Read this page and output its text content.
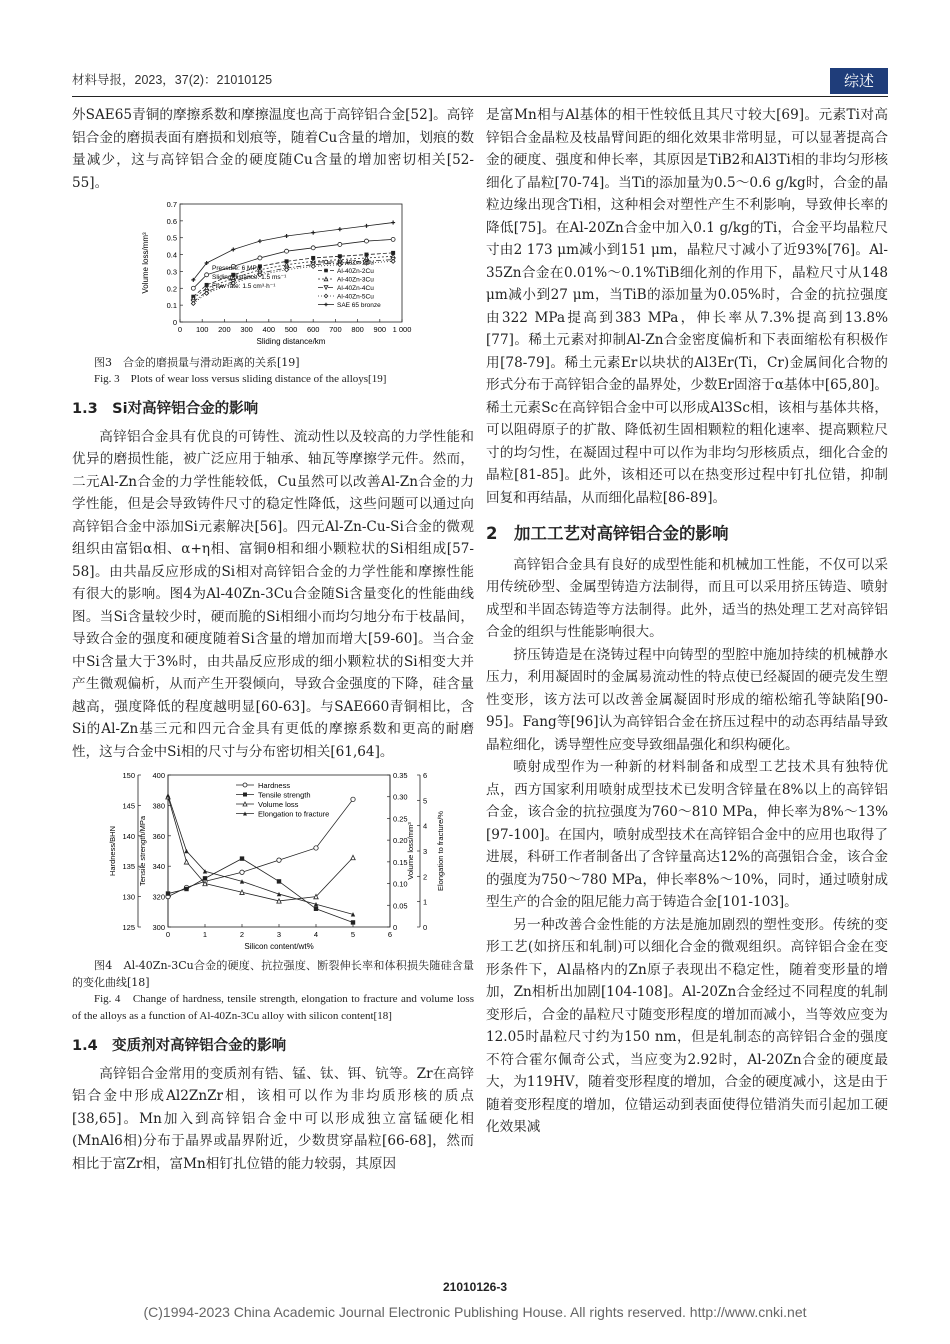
材料导报，2023，37(2)：21010125	综述

外SAE65青铜的摩擦系数和摩擦温度也高于高锌铝合金[52]。高锌铝合金的磨损表面有磨损和划痕等，随着Cu含量的增加，划痕的数量减少，这与高锌铝合金的硬度随Cu含量的增加密切相关[52-55]。

0
0.1
0.2
0.3
0.4
0.5
0.6
0.7
0 100 200 300 400 500 600 700 800 900 1 000
Sliding distance/km
Volume loss/mm³	Pressure: 6 MPa
Sliding distance: 1.5 ms⁻¹
Flow rate: 1.5 cm³·h⁻¹
Al-40Zn-1Cu
Al-40Zn-2Cu
Al-40Zn-3Cu
Al-40Zn-4Cu
Al-40Zn-5Cu
SAE 65 bronze

图3　合金的磨损量与滑动距离的关系[19]

Fig. 3　Plots of wear loss versus sliding distance of the alloys[19]

1.3　Si对高锌铝合金的影响

高锌铝合金具有优良的可铸性、流动性以及较高的力学性能和优异的磨损性能，被广泛应用于轴承、轴瓦等摩擦学元件。然而，二元Al-Zn合金的力学性能较低，Cu虽然可以改善Al-Zn合金的力学性能，但是会导致铸件尺寸的稳定性降低，这些问题可以通过向高锌铝合金中添加Si元素解决[56]。四元Al-Zn-Cu-Si合金的微观组织由富铝α相、α+η相、富铜θ相和细小颗粒状的Si相组成[57-58]。由共晶反应形成的Si相对高锌铝合金的力学性能和摩擦性能有很大的影响。图4为Al-40Zn-3Cu合金随Si含量变化的性能曲线图。当Si含量较少时，硬而脆的Si相细小而均匀地分布于枝晶间，导致合金的强度和硬度随着Si含量的增加而增大[59-60]。当合金中Si含量大于3%时，由共晶反应形成的细小颗粒状的Si相变大并产生微观偏析，从而产生开裂倾向，导致合金强度的下降，硅含量越高，强度降低的程度越明显[60-63]。与SAE660青铜相比，含Si的Al-Zn基三元和四元合金具有更低的摩擦系数和更高的耐磨性，这与合金中Si相的尺寸与分布密切相关[61,64]。

125
130
135
140
145
150
Hardness/BHN
300
320
340
360
380
400
Tensile strength/MPa
0
0.05
0.10
0.15
0.20
0.25
0.30
0.35
Volume loss/mm³
0
1
2
3
4
5
6
Elongation to fracture/%
0	1	2	3	4	5	6
Silicon content/wt%
Hardness
Tensile strength
Volume loss
Elongation to fracture

图4　Al-40Zn-3Cu合金的硬度、抗拉强度、断裂伸长率和体积损失随硅含量的变化曲线[18]

Fig. 4　Change of hardness, tensile strength, elongation to fracture and volume loss of the alloys as a function of Al-40Zn-3Cu alloy with silicon content[18]

1.4　变质剂对高锌铝合金的影响

高锌铝合金常用的变质剂有锆、锰、钛、铒、钪等。Zr在高锌铝合金中形成Al2ZnZr相，该相可以作为非均质形核的质点[38,65]。Mn加入到高锌铝合金中可以形成独立富锰硬化相(MnAl6相)分布于晶界或晶界附近，少数贯穿晶粒[66-68]，然而相比于富Zr相，富Mn相钉扎位错的能力较弱，其原因

是富Mn相与Al基体的相干性较低且其尺寸较大[69]。元素Ti对高锌铝合金晶粒及枝晶臂间距的细化效果非常明显，可以显著提高合金的硬度、强度和伸长率，其原因是TiB2和Al3Ti相的非均匀形核细化了晶粒[70-74]。当Ti的添加量为0.5～0.6 g/kg时，合金的晶粒边缘出现含Ti相，这种相会对塑性产生不利影响，导致伸长率的降低[75]。在Al-20Zn合金中加入0.1 g/kg的Ti，合金平均晶粒尺寸由2 173 μm减小到151 μm，晶粒尺寸减小了近93%[76]。Al-35Zn合金在0.01%～0.1%TiB细化剂的作用下，晶粒尺寸从148 μm减小到27 μm，当TiB的添加量为0.05%时，合金的抗拉强度由322 MPa提高到383 MPa，伸长率从7.3%提高到13.8%[77]。稀土元素对抑制Al-Zn合金密度偏析和下表面缩松有积极作用[78-79]。稀土元素Er以块状的Al3Er(Ti，Cr)金属间化合物的形式分布于高锌铝合金的晶界处，少数Er固溶于α基体中[65,80]。稀土元素Sc在高锌铝合金中可以形成Al3Sc相，该相与基体共格，可以阻碍原子的扩散、降低初生固相颗粒的粗化速率、提高颗粒尺寸的均匀性，在凝固过程中可以作为非均匀形核质点，细化合金的晶粒[81-85]。此外，该相还可以在热变形过程中钉扎位错，抑制回复和再结晶，从而细化晶粒[86-89]。

2　加工工艺对高锌铝合金的影响

高锌铝合金具有良好的成型性能和机械加工性能，不仅可以采用传统砂型、金属型铸造方法制得，而且可以采用挤压铸造、喷射成型和半固态铸造等方法制得。此外，适当的热处理工艺对高锌铝合金的组织与性能影响很大。

挤压铸造是在浇铸过程中向铸型的型腔中施加持续的机械静水压力，利用凝固时的金属易流动性的特点使已经凝固的硬壳发生塑性变形，该方法可以改善金属凝固时形成的缩松缩孔等缺陷[90-95]。Fang等[96]认为高锌铝合金在挤压过程中的动态再结晶导致晶粒细化，诱导塑性应变导致细晶强化和织构硬化。

喷射成型作为一种新的材料制备和成型工艺技术具有独特优点，西方国家利用喷射成型技术已发明含锌量在8%以上的高锌铝合金，该合金的抗拉强度为760～810 MPa，伸长率为8%～13%[97-100]。在国内，喷射成型技术在高锌铝合金中的应用也取得了进展，科研工作者制备出了含锌量高达12%的高强铝合金，该合金的强度为750～780 MPa，伸长率8%～10%，同时，通过喷射成型生产的合金的阻尼能力高于铸造合金[101-103]。

另一种改善合金性能的方法是施加剧烈的塑性变形。传统的变形工艺(如挤压和轧制)可以细化合金的微观组织。高锌铝合金在变形条件下，Al晶格内的Zn原子表现出不稳定性，随着变形量的增加，Zn相析出加剧[104-108]。Al-20Zn合金经过不同程度的轧制变形后，合金的晶粒尺寸随变形程度的增加而减小，当等效应变为12.05时晶粒尺寸约为150 nm，但是轧制态的高锌铝合金的强度不符合霍尔佩奇公式，当应变为2.92时，Al-20Zn合金的硬度最大，为119HV，随着变形程度的增加，合金的硬度减小，这是由于随着变形程度的增加，位错运动到表面使得位错消失而引起加工硬化效果减

21010126-3
(C)1994-2023 China Academic Journal Electronic Publishing House. All rights reserved. http://www.cnki.net
